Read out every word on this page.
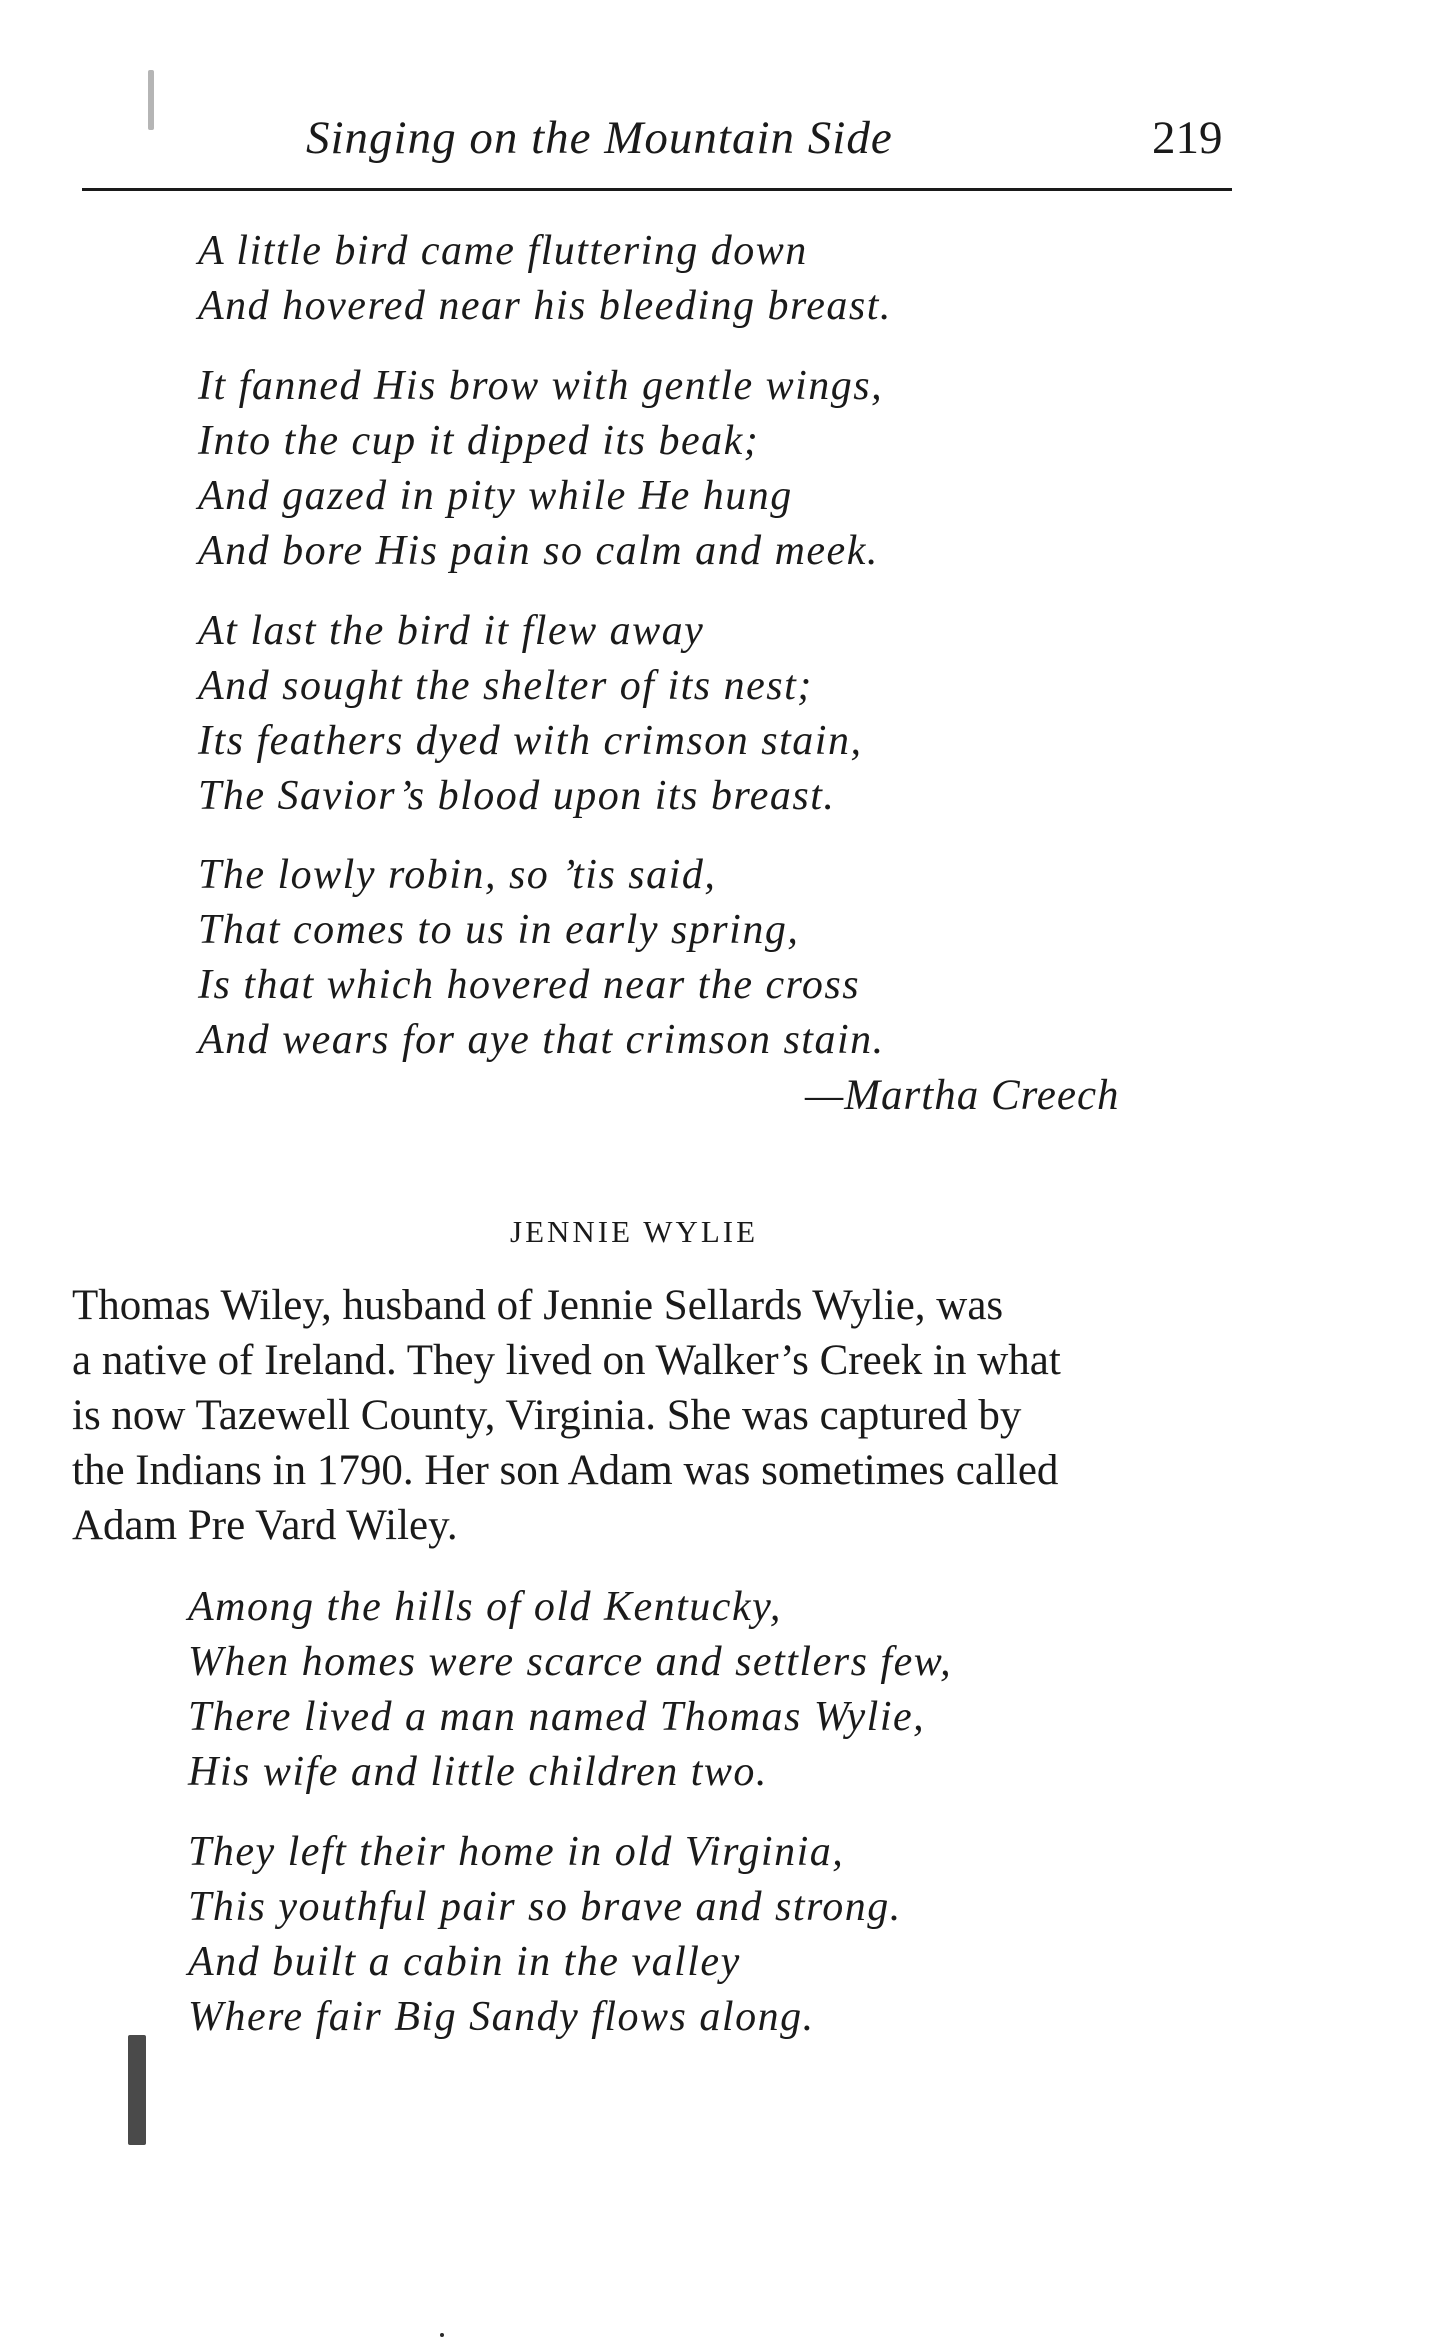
Singing on the Mountain Side	219
A little bird came fluttering down
And hovered near his bleeding breast.
It fanned His brow with gentle wings,
Into the cup it dipped its beak;
And gazed in pity while He hung
And bore His pain so calm and meek.
At last the bird it flew away
And sought the shelter of its nest;
Its feathers dyed with crimson stain,
The Savior’s blood upon its breast.
The lowly robin, so ’tis said,
That comes to us in early spring,
Is that which hovered near the cross
And wears for aye that crimson stain.
—Martha Creech
JENNIE WYLIE
Thomas Wiley, husband of Jennie Sellards Wylie, was
a native of Ireland. They lived on Walker’s Creek in what
is now Tazewell County, Virginia. She was captured by
the Indians in 1790. Her son Adam was sometimes called
Adam Pre Vard Wiley.
Among the hills of old Kentucky,
When homes were scarce and settlers few,
There lived a man named Thomas Wylie,
His wife and little children two.
They left their home in old Virginia,
This youthful pair so brave and strong.
And built a cabin in the valley
Where fair Big Sandy flows along.
